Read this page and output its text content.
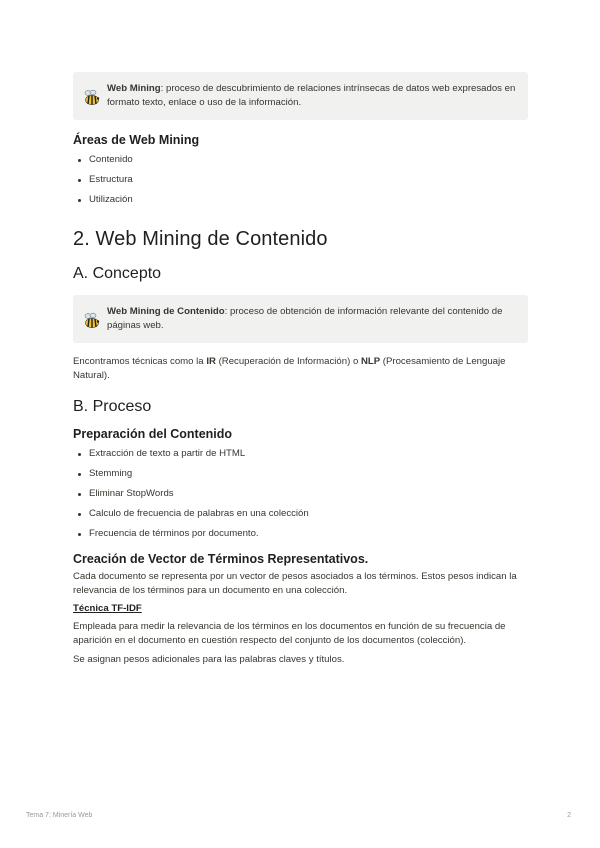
Web Mining: proceso de descubrimiento de relaciones intrínsecas de datos web expresados en formato texto, enlace o uso de la información.
Áreas de Web Mining
Contenido
Estructura
Utilización
2. Web Mining de Contenido
A. Concepto
Web Mining de Contenido: proceso de obtención de información relevante del contenido de páginas web.

Encontramos técnicas como la IR (Recuperación de Información) o NLP (Procesamiento de Lenguaje Natural).

B. Proceso
Preparación del Contenido
Extracción de texto a partir de HTML
Stemming
Eliminar StopWords
Calculo de frecuencia de palabras en una colección
Frecuencia de términos por documento.
Creación de Vector de Términos Representativos.

Cada documento se representa por un vector de pesos asociados a los términos. Estos pesos indican la relevancia de los términos para un documento en una colección.

Técnica TF-IDF

Empleada para medir la relevancia de los términos en los documentos en función de su frecuencia de aparición en el documento en cuestión respecto del conjunto de los documentos (colección).

Se asignan pesos adicionales para las palabras claves y títulos.

Tema 7: Minería Web	2
